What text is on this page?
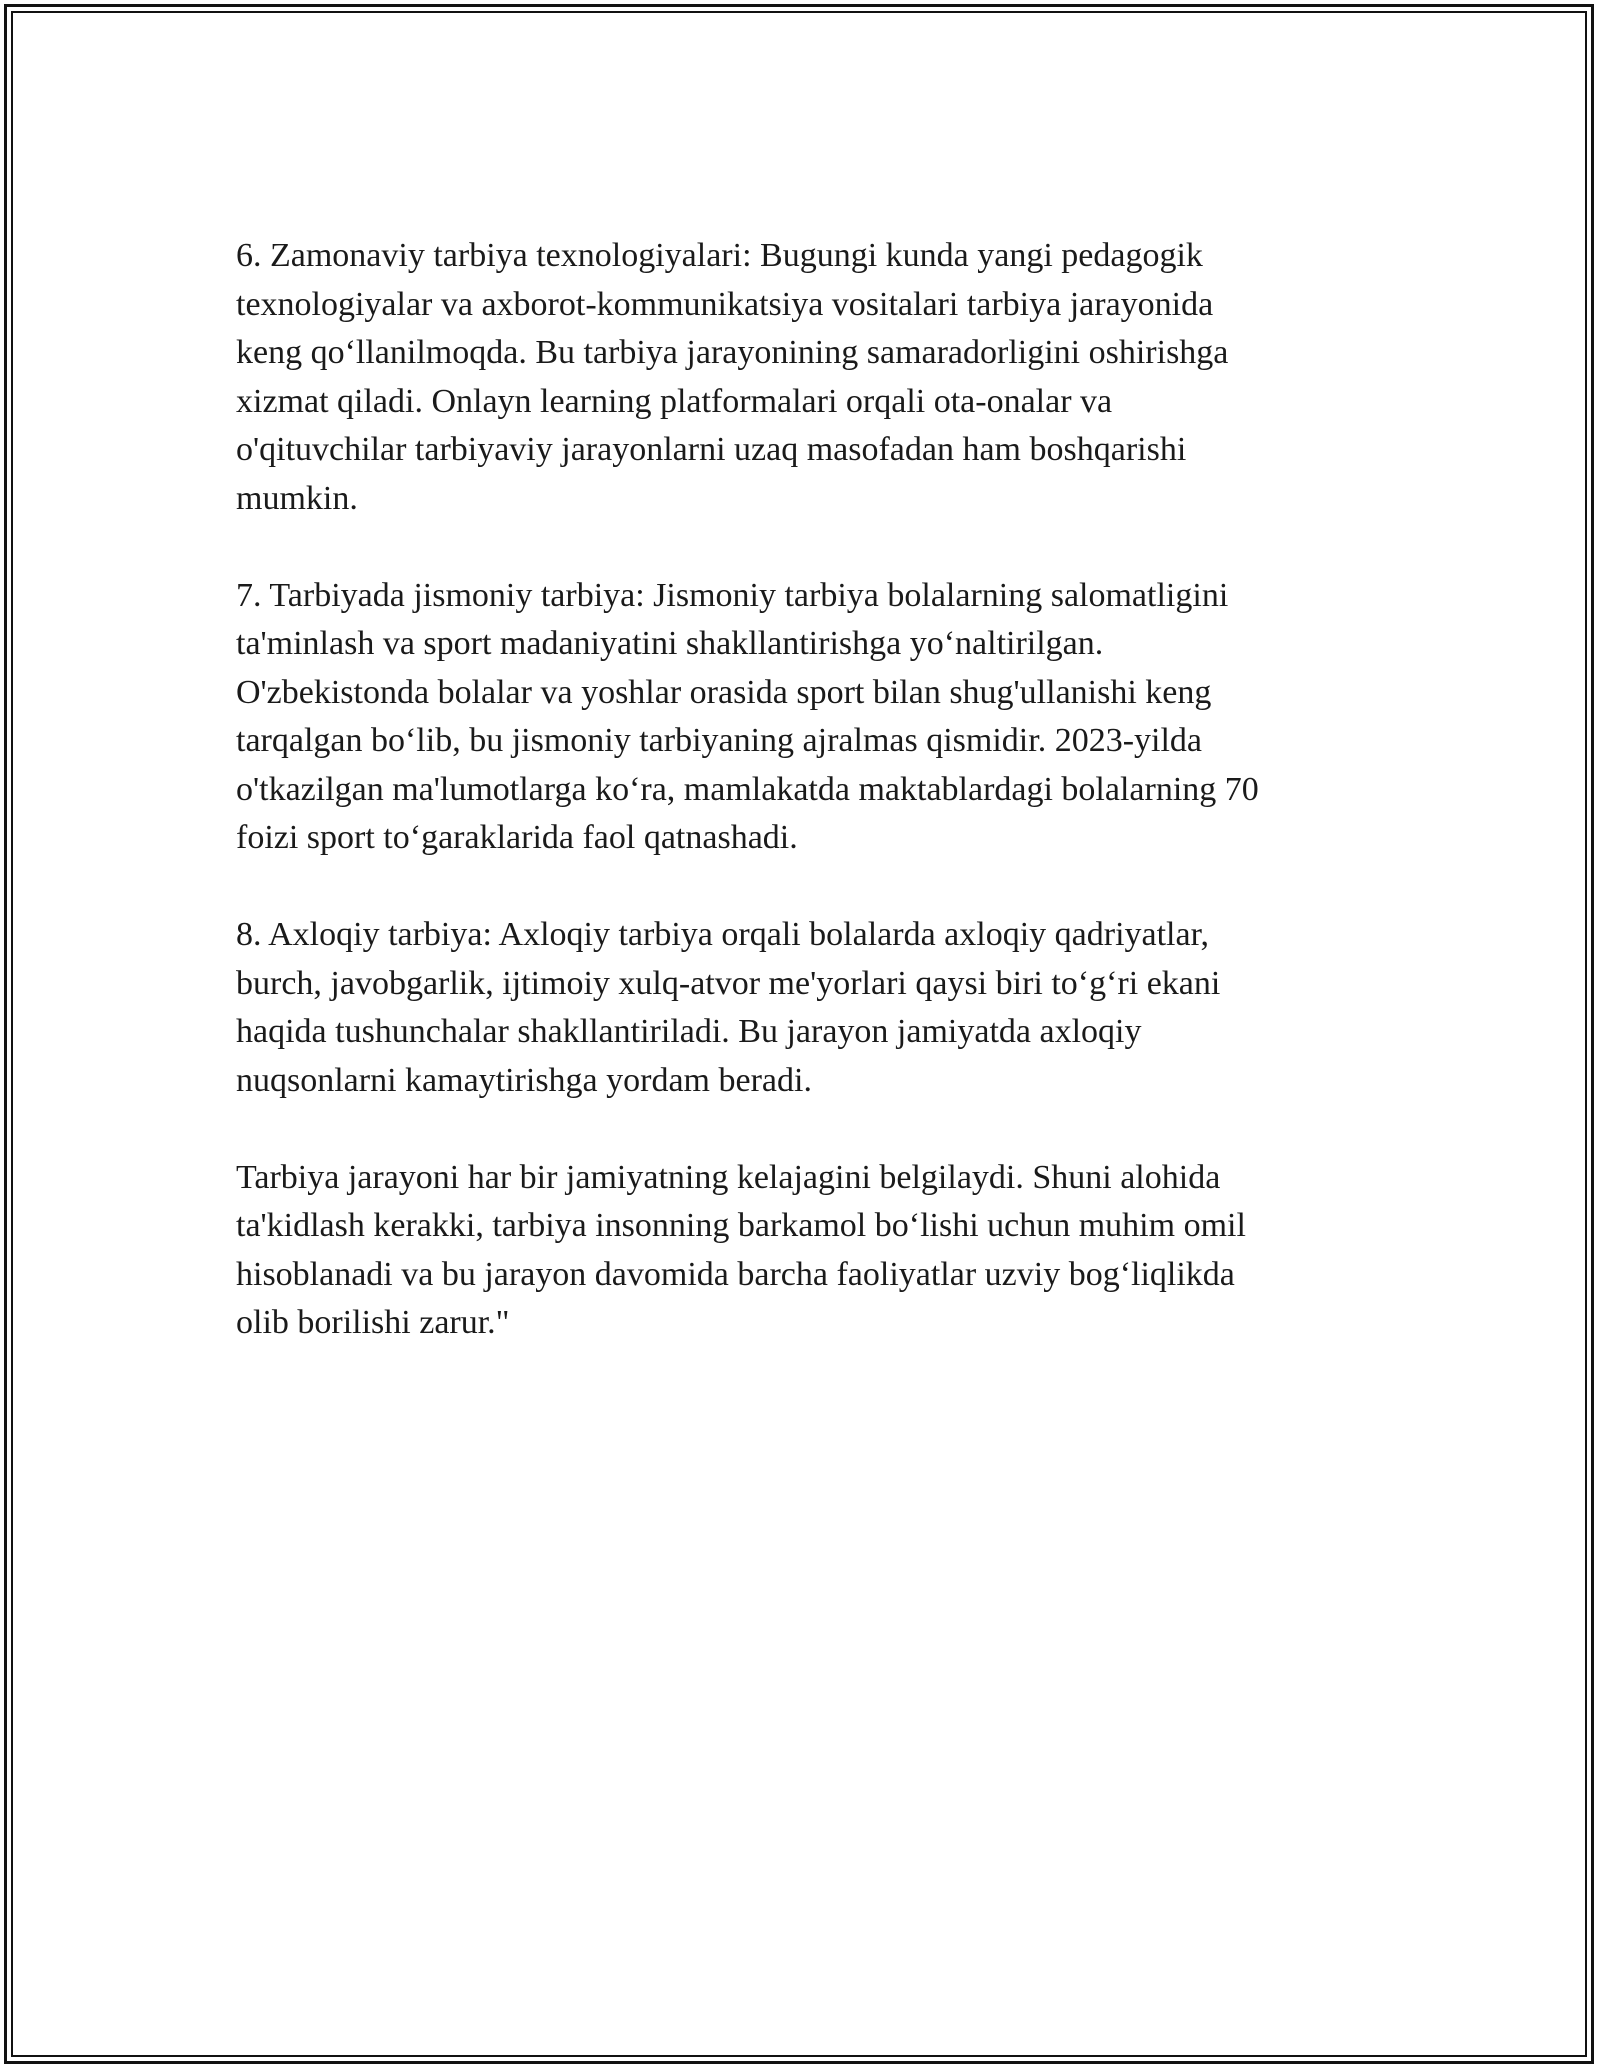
6. Zamonaviy tarbiya texnologiyalari: Bugungi kunda yangi pedagogik
texnologiyalar va axborot-kommunikatsiya vositalari tarbiya jarayonida
keng qo‘llanilmoqda. Bu tarbiya jarayonining samaradorligini oshirishga
xizmat qiladi. Onlayn learning platformalari orqali ota-onalar va
o'qituvchilar tarbiyaviy jarayonlarni uzaq masofadan ham boshqarishi
mumkin.

7. Tarbiyada jismoniy tarbiya: Jismoniy tarbiya bolalarning salomatligini
ta'minlash va sport madaniyatini shakllantirishga yo‘naltirilgan.
O'zbekistonda bolalar va yoshlar orasida sport bilan shug'ullanishi keng
tarqalgan bo‘lib, bu jismoniy tarbiyaning ajralmas qismidir. 2023-yilda
o'tkazilgan ma'lumotlarga ko‘ra, mamlakatda maktablardagi bolalarning 70
foizi sport to‘garaklarida faol qatnashadi.

8. Axloqiy tarbiya: Axloqiy tarbiya orqali bolalarda axloqiy qadriyatlar,
burch, javobgarlik, ijtimoiy xulq-atvor me'yorlari qaysi biri to‘g‘ri ekani
haqida tushunchalar shakllantiriladi. Bu jarayon jamiyatda axloqiy
nuqsonlarni kamaytirishga yordam beradi.

Tarbiya jarayoni har bir jamiyatning kelajagini belgilaydi. Shuni alohida
ta'kidlash kerakki, tarbiya insonning barkamol bo‘lishi uchun muhim omil
hisoblanadi va bu jarayon davomida barcha faoliyatlar uzviy bog‘liqlikda
olib borilishi zarur."
